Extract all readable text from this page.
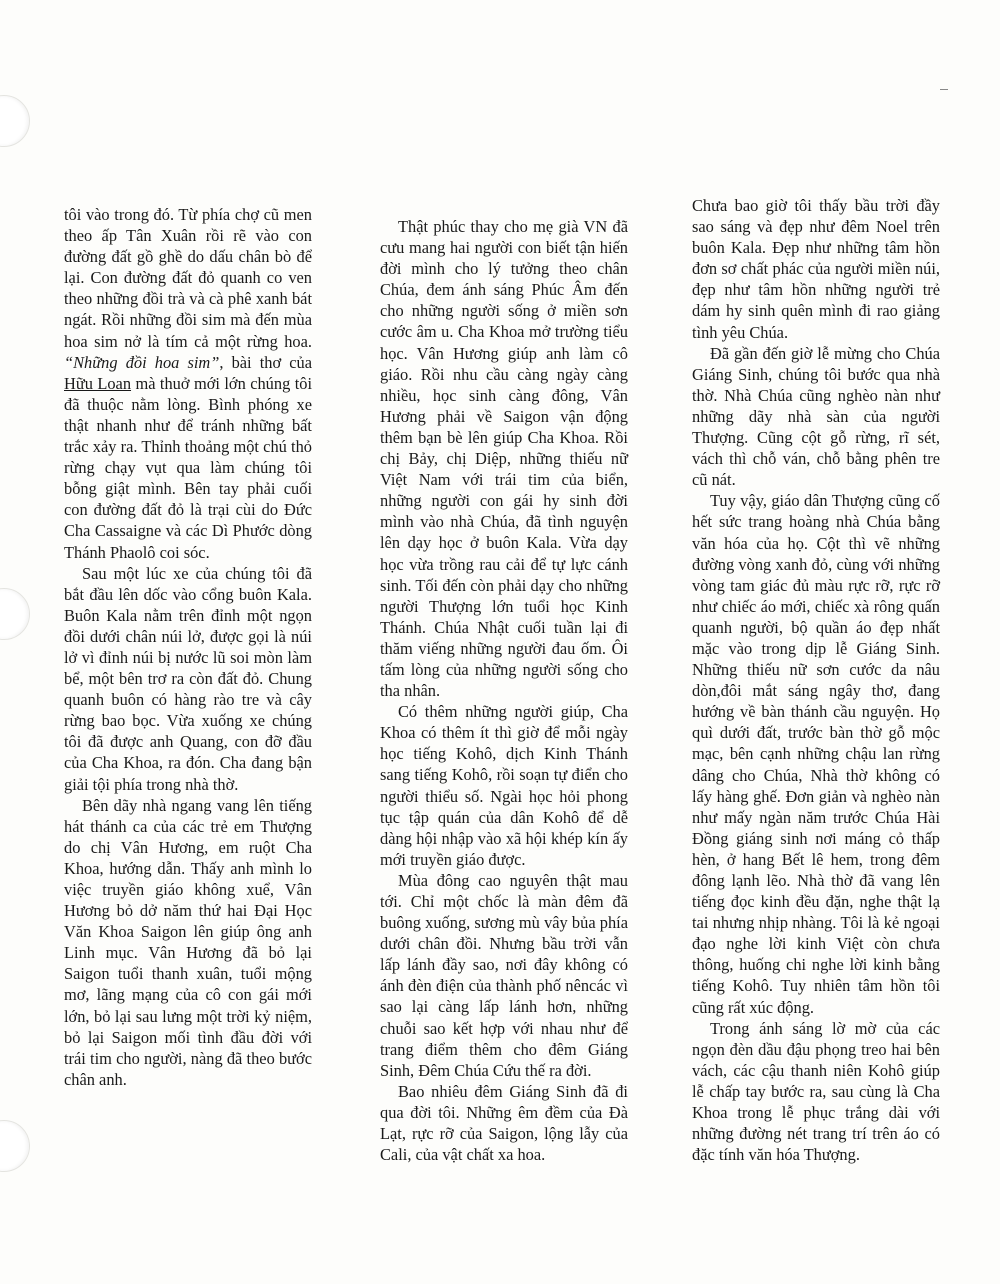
tôi vào trong đó. Từ phía chợ cũ men theo ấp Tân Xuân rồi rẽ vào con đường đất gồ ghề do dấu chân bò để lại. Con đường đất đỏ quanh co ven theo những đồi trà và cà phê xanh bát ngát. Rồi những đồi sim mà đến mùa hoa sim nở là tím cả một rừng hoa. “Những đồi hoa sim”, bài thơ của Hữu Loan mà thuở mới lớn chúng tôi đã thuộc nằm lòng. Bình phóng xe thật nhanh như để tránh những bất trắc xảy ra. Thỉnh thoảng một chú thỏ rừng chạy vụt qua làm chúng tôi bỗng giật mình. Bên tay phải cuối con đường đất đỏ là trại cùi do Đức Cha Cassaigne và các Dì Phước dòng Thánh Phaolô coi sóc.

Sau một lúc xe của chúng tôi đã bắt đầu lên dốc vào cổng buôn Kala. Buôn Kala nằm trên đỉnh một ngọn đồi dưới chân núi lở, được gọi là núi lở vì đỉnh núi bị nước lũ soi mòn làm bể, một bên trơ ra còn đất đỏ. Chung quanh buôn có hàng rào tre và cây rừng bao bọc. Vừa xuống xe chúng tôi đã được anh Quang, con đỡ đầu của Cha Khoa, ra đón. Cha đang bận giải tội phía trong nhà thờ.

Bên dãy nhà ngang vang lên tiếng hát thánh ca của các trẻ em Thượng do chị Vân Hương, em ruột Cha Khoa, hướng dẫn. Thấy anh mình lo việc truyền giáo không xuể, Vân Hương bỏ dở năm thứ hai Đại Học Văn Khoa Saigon lên giúp ông anh Linh mục. Vân Hương đã bỏ lại Saigon tuổi thanh xuân, tuổi mộng mơ, lãng mạng của cô con gái mới lớn, bỏ lại sau lưng một trời kỷ niệm, bỏ lại Saigon mối tình đầu đời với trái tim cho người, nàng đã theo bước chân anh.

Thật phúc thay cho mẹ già VN đã cưu mang hai người con biết tận hiến đời mình cho lý tưởng theo chân Chúa, đem ánh sáng Phúc Âm đến cho những người sống ở miền sơn cước âm u. Cha Khoa mở trường tiểu học. Vân Hương giúp anh làm cô giáo. Rồi nhu cầu càng ngày càng nhiều, học sinh càng đông, Vân Hương phải về Saigon vận động thêm bạn bè lên giúp Cha Khoa. Rồi chị Bảy, chị Diệp, những thiếu nữ Việt Nam với trái tim của biển, những người con gái hy sinh đời mình vào nhà Chúa, đã tình nguyện lên dạy học ở buôn Kala. Vừa dạy học vừa trồng rau cải để tự lực cánh sinh. Tối đến còn phải dạy cho những người Thượng lớn tuổi học Kinh Thánh. Chúa Nhật cuối tuần lại đi thăm viếng những người đau ốm. Ôi tấm lòng của những người sống cho tha nhân.

Có thêm những người giúp, Cha Khoa có thêm ít thì giờ để mỗi ngày học tiếng Kohô, dịch Kinh Thánh sang tiếng Kohô, rồi soạn tự điển cho người thiểu số. Ngài học hỏi phong tục tập quán của dân Kohô để dễ dàng hội nhập vào xã hội khép kín ấy mới truyền giáo được.

Mùa đông cao nguyên thật mau tới. Chỉ một chốc là màn đêm đã buông xuống, sương mù vây bủa phía dưới chân đồi. Nhưng bầu trời vẫn lấp lánh đầy sao, nơi đây không có ánh đèn điện của thành phố nêncác vì sao lại càng lấp lánh hơn, những chuỗi sao kết hợp với nhau như để trang điểm thêm cho đêm Giáng Sinh, Đêm Chúa Cứu thế ra đời.

Bao nhiêu đêm Giáng Sinh đã đi qua đời tôi. Những êm đềm của Đà Lạt, rực rỡ của Saigon, lộng lẫy của Cali, của vật chất xa hoa.

Chưa bao giờ tôi thấy bầu trời đầy sao sáng và đẹp như đêm Noel trên buôn Kala. Đẹp như những tâm hồn đơn sơ chất phác của người miền núi, đẹp như tâm hồn những người trẻ dám hy sinh quên mình đi rao giảng tình yêu Chúa.

Đã gần đến giờ lễ mừng cho Chúa Giáng Sinh, chúng tôi bước qua nhà thờ. Nhà Chúa cũng nghèo nàn như những dãy nhà sàn của người Thượng. Cũng cột gỗ rừng, rĩ sét, vách thì chỗ ván, chỗ bằng phên tre cũ nát.

Tuy vậy, giáo dân Thượng cũng cố hết sức trang hoàng nhà Chúa bằng văn hóa của họ. Cột thì vẽ những đường vòng xanh đỏ, cùng với những vòng tam giác đủ màu rực rỡ, rực rỡ như chiếc áo mới, chiếc xà rông quấn quanh người, bộ quần áo đẹp nhất mặc vào trong dịp lễ Giáng Sinh. Những thiếu nữ sơn cước da nâu dòn,đôi mắt sáng ngây thơ, đang hướng về bàn thánh cầu nguyện. Họ quì dưới đất, trước bàn thờ gỗ mộc mạc, bên cạnh những chậu lan rừng dâng cho Chúa, Nhà thờ không có lấy hàng ghế. Đơn giản và nghèo nàn như mấy ngàn năm trước Chúa Hài Đồng giáng sinh nơi máng cỏ thấp hèn, ở hang Bết lê hem, trong đêm đông lạnh lẽo. Nhà thờ đã vang lên tiếng đọc kinh đều đặn, nghe thật lạ tai nhưng nhịp nhàng. Tôi là kẻ ngoại đạo nghe lời kinh Việt còn chưa thông, huống chi nghe lời kinh bằng tiếng Kohô. Tuy nhiên tâm hồn tôi cũng rất xúc động.

Trong ánh sáng lờ mờ của các ngọn đèn dầu đậu phọng treo hai bên vách, các cậu thanh niên Kohô giúp lễ chấp tay bước ra, sau cùng là Cha Khoa trong lễ phục trắng dài với những đường nét trang trí trên áo có đặc tính văn hóa Thượng.
